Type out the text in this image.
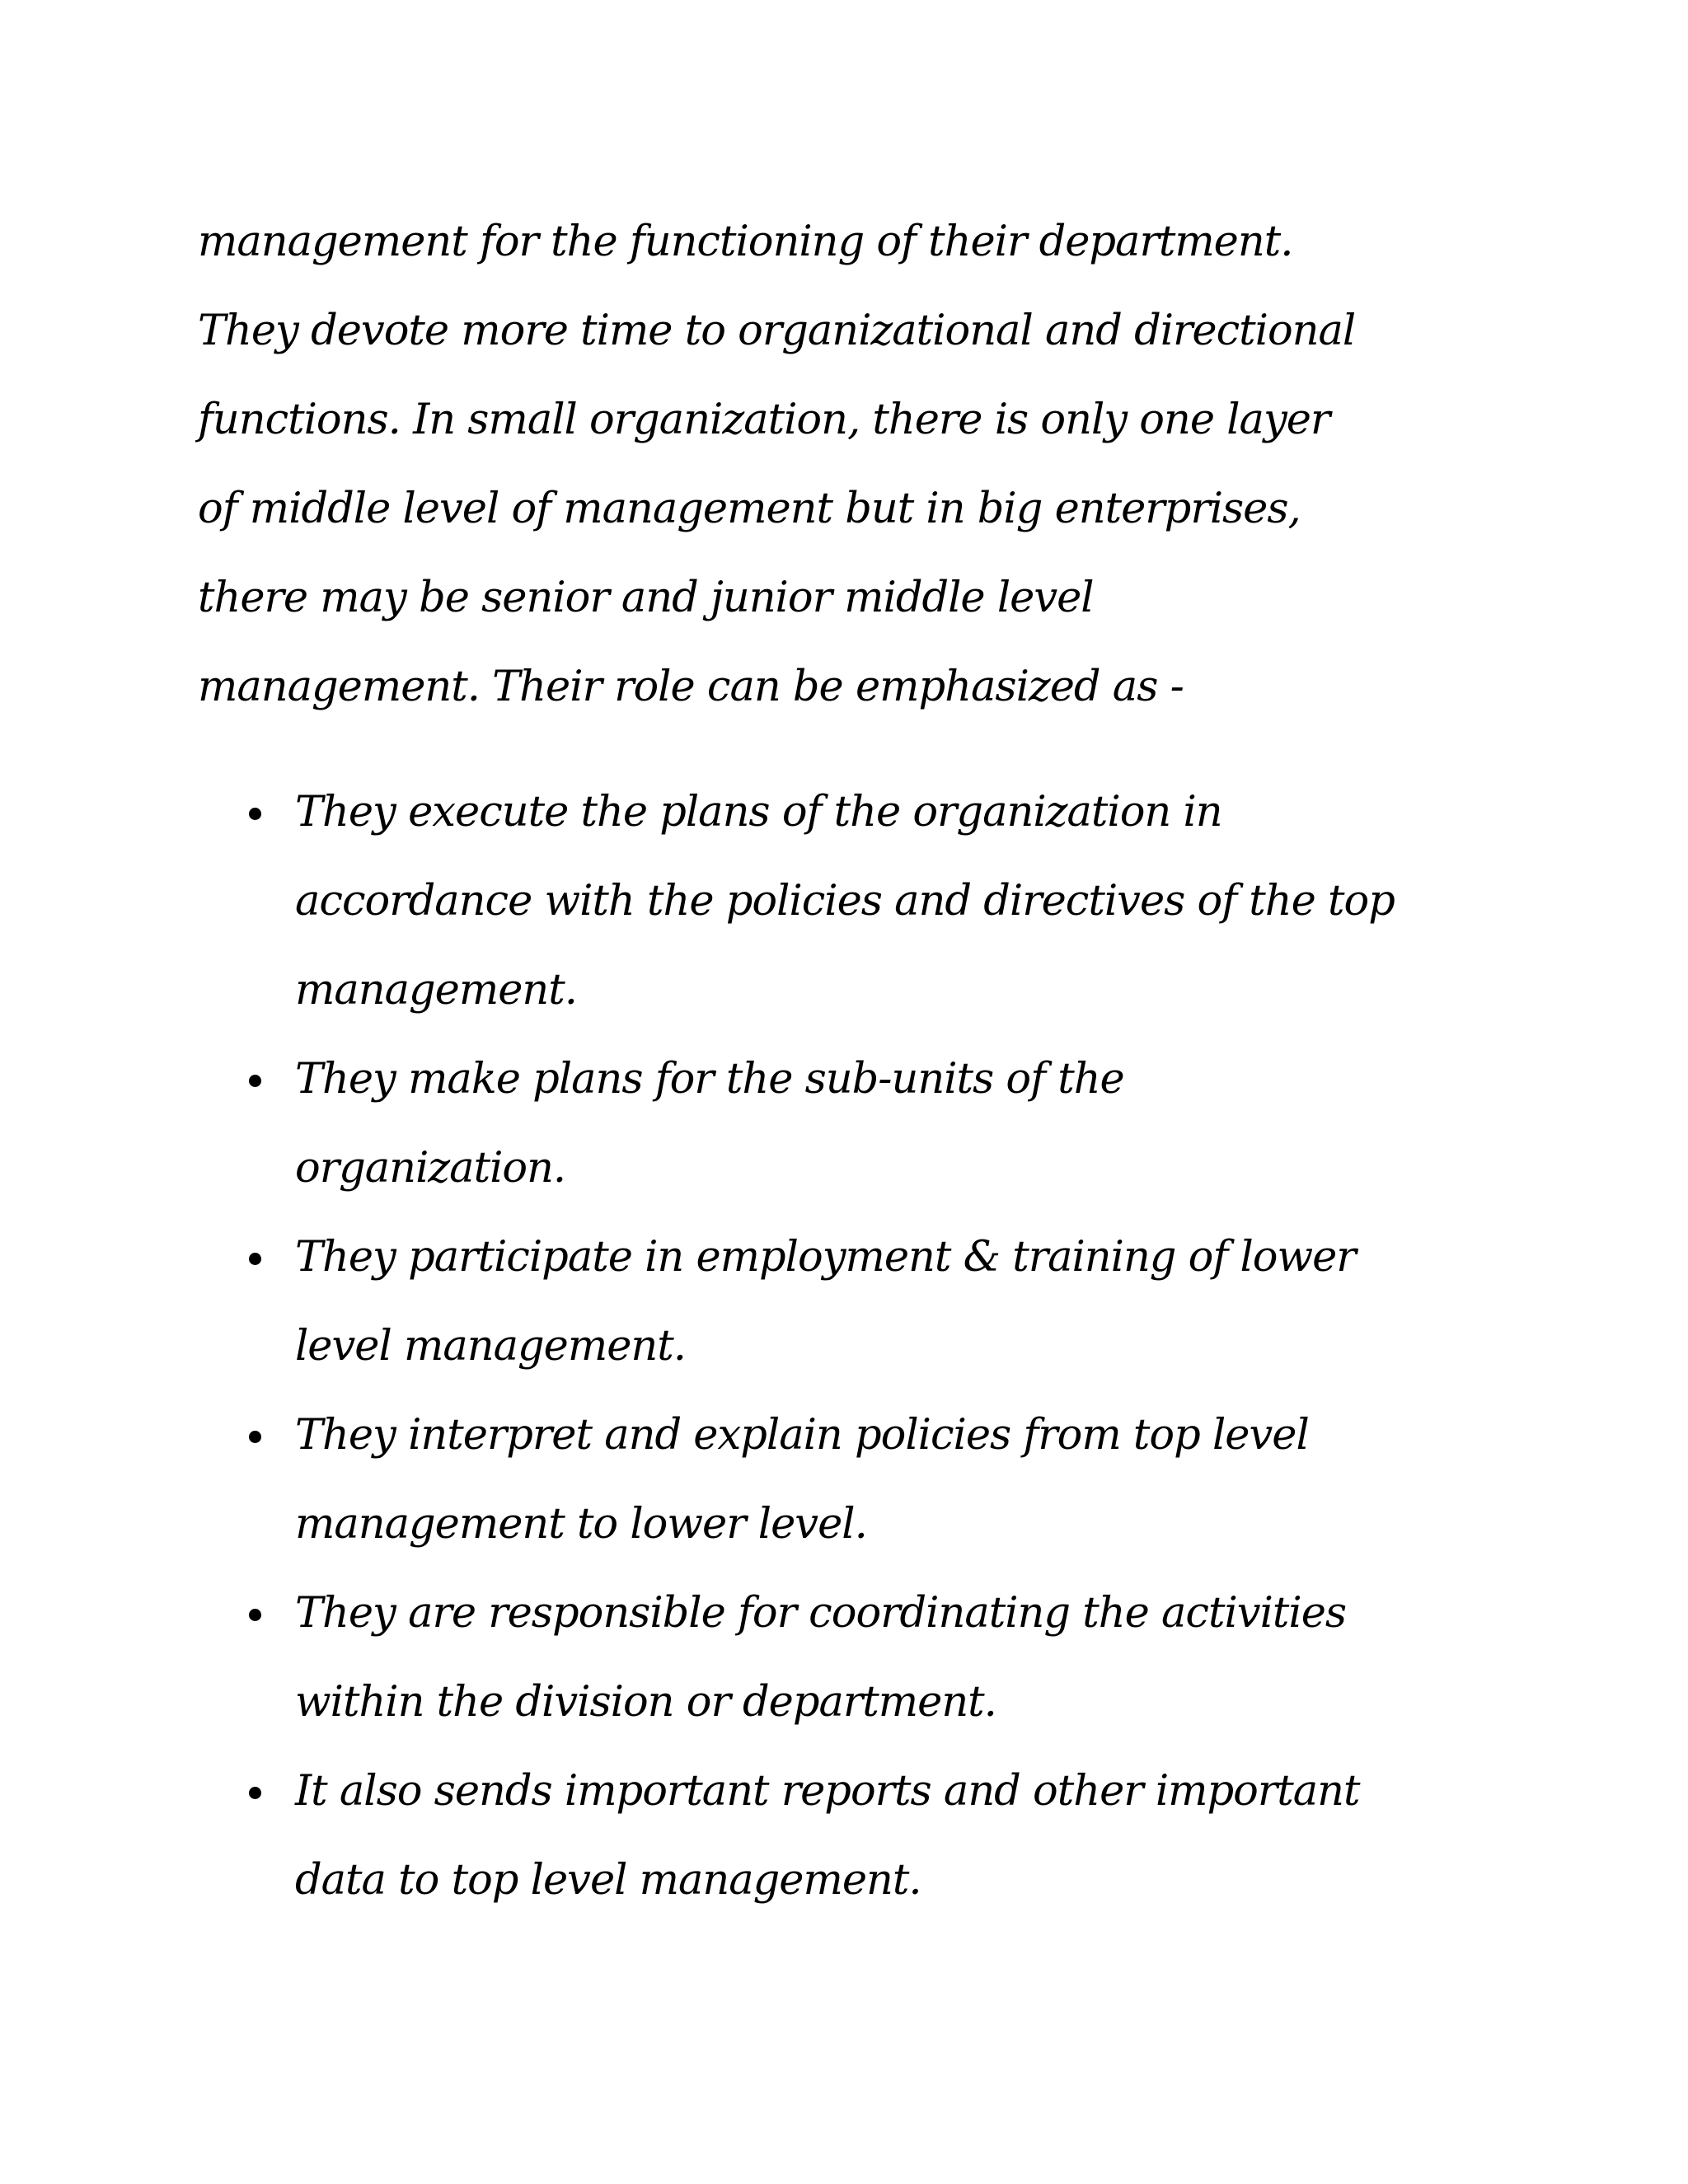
management for the functioning of their department.
They devote more time to organizational and directional
functions. In small organization, there is only one layer
of middle level of management but in big enterprises,
there may be senior and junior middle level
management. Their role can be emphasized as -

They execute the plans of the organization in
accordance with the policies and directives of the top
management.
They make plans for the sub-units of the
organization.
They participate in employment & training of lower
level management.
They interpret and explain policies from top level
management to lower level.
They are responsible for coordinating the activities
within the division or department.
It also sends important reports and other important
data to top level management.
